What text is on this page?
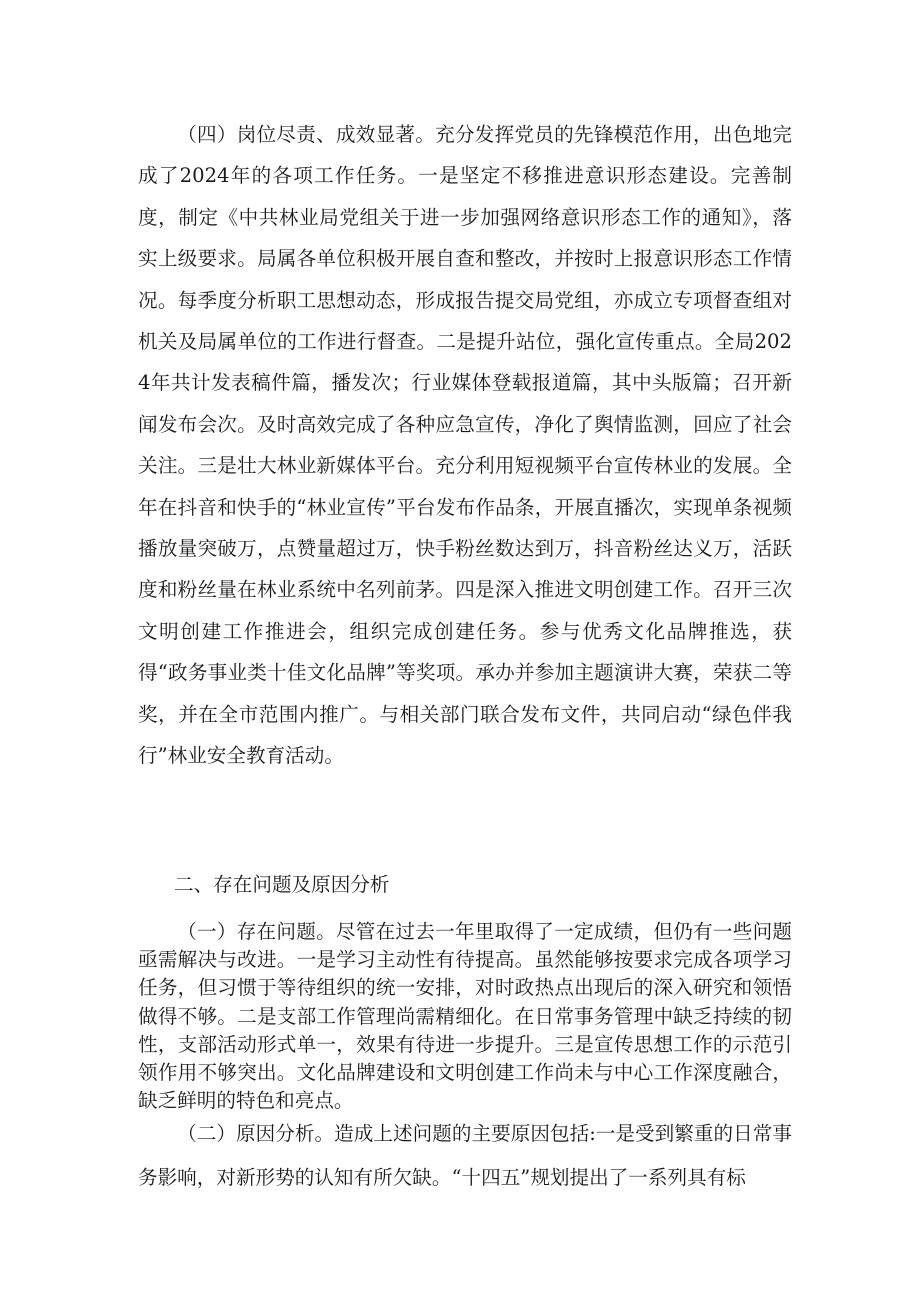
（四）岗位尽责、成效显著。充分发挥党员的先锋模范作用，出色地完成了2024年的各项工作任务。一是坚定不移推进意识形态建设。完善制度，制定《中共林业局党组关于进一步加强网络意识形态工作的通知》，落实上级要求。局属各单位积极开展自查和整改，并按时上报意识形态工作情况。每季度分析职工思想动态，形成报告提交局党组，亦成立专项督查组对机关及局属单位的工作进行督查。二是提升站位，强化宣传重点。全局2024年共计发表稿件篇，播发次；行业媒体登载报道篇，其中头版篇；召开新闻发布会次。及时高效完成了各种应急宣传，净化了舆情监测，回应了社会关注。三是壮大林业新媒体平台。充分利用短视频平台宣传林业的发展。全年在抖音和快手的“林业宣传”平台发布作品条，开展直播次，实现单条视频播放量突破万，点赞量超过万，快手粉丝数达到万，抖音粉丝达义万，活跃度和粉丝量在林业系统中名列前茅。四是深入推进文明创建工作。召开三次文明创建工作推进会，组织完成创建任务。参与优秀文化品牌推选，获得“政务事业类十佳文化品牌”等奖项。承办并参加主题演讲大赛，荣获二等奖，并在全市范围内推广。与相关部门联合发布文件，共同启动“绿色伴我行”林业安全教育活动。

二、存在问题及原因分析

（一）存在问题。尽管在过去一年里取得了一定成绩，但仍有一些问题亟需解决与改进。一是学习主动性有待提高。虽然能够按要求完成各项学习任务，但习惯于等待组织的统一安排，对时政热点出现后的深入研究和领悟做得不够。二是支部工作管理尚需精细化。在日常事务管理中缺乏持续的韧性，支部活动形式单一，效果有待进一步提升。三是宣传思想工作的示范引领作用不够突出。文化品牌建设和文明创建工作尚未与中心工作深度融合，缺乏鲜明的特色和亮点。

（二）原因分析。造成上述问题的主要原因包括:一是受到繁重的日常事务影响，对新形势的认知有所欠缺。“十四五”规划提出了一系列具有标
